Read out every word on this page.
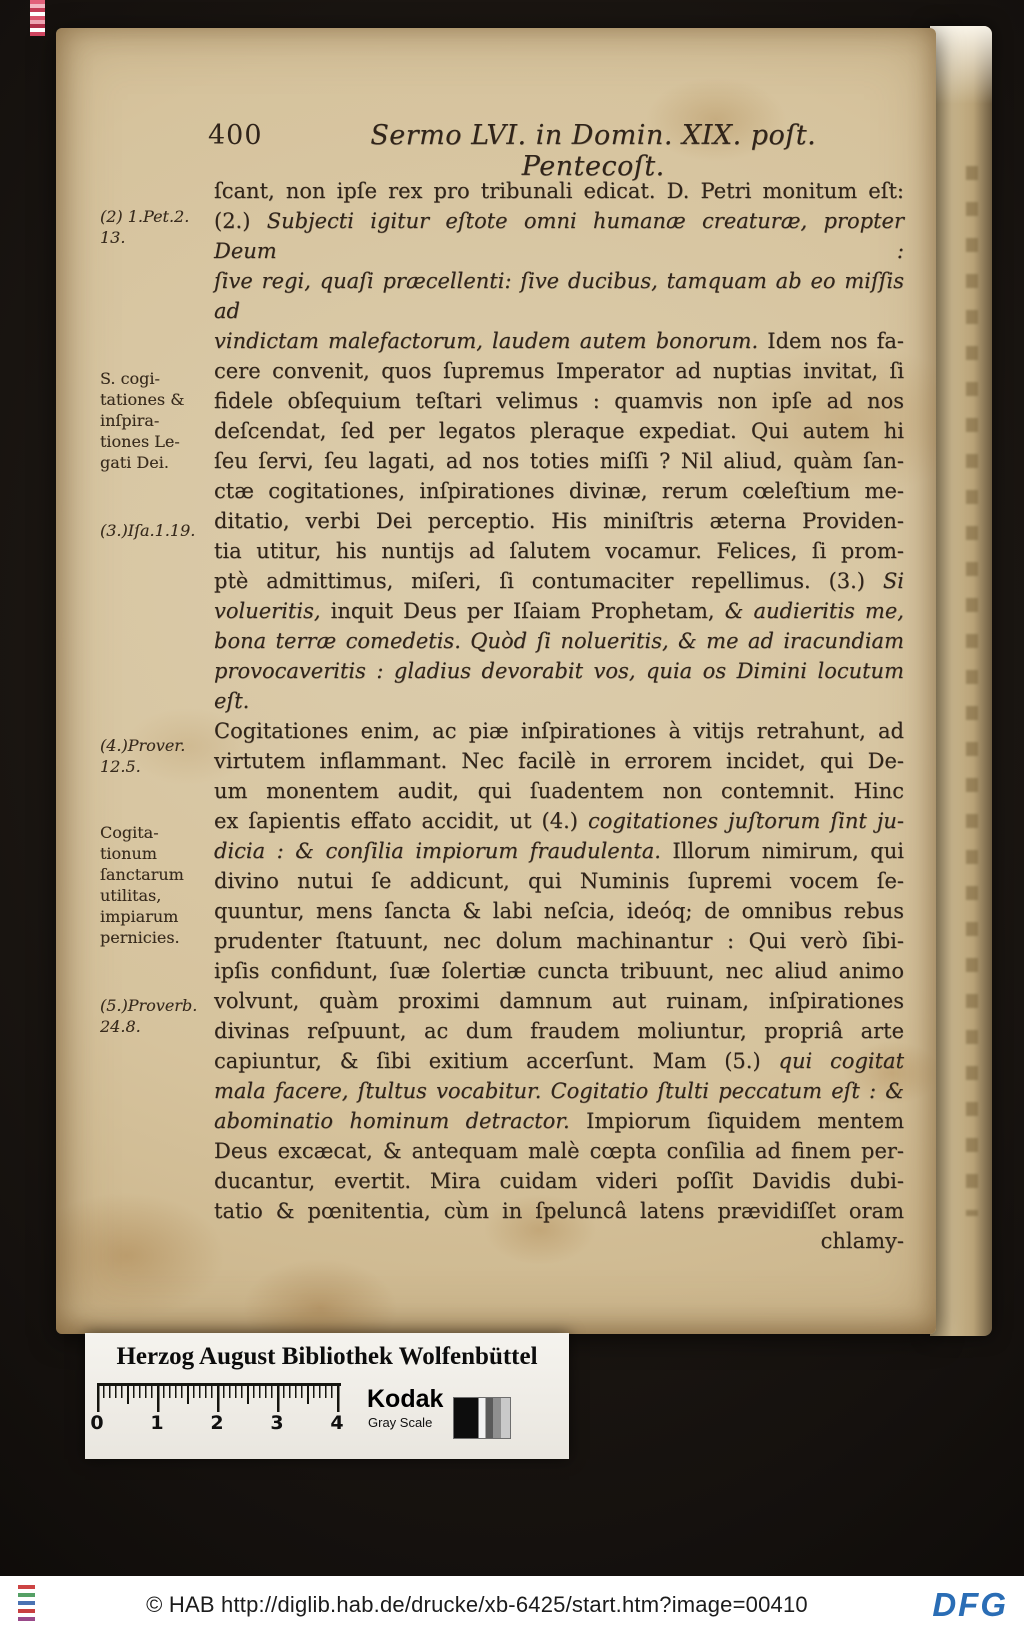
400	Sermo LVI. in Domin. XIX. poſt. Pentecoſt.
(2) 1.Pet.2.
13.
S. cogi-
tationes &
inſpira-
tiones Le-
gati Dei.
(3.)Iſa.1.19.
(4.)Prover.
12.5.
Cogita-
tionum
ſanctarum
utilitas,
impiarum
pernicies.
(5.)Proverb.
24.8.
ſcant, non ipſe rex pro tribunali edicat. D. Petri monitum eſt:
(2.) Subjecti igitur eſtote omni humanæ creaturæ, propter Deum :
ſive regi, quaſi præcellenti: ſive ducibus, tamquam ab eo miſſis ad
vindictam malefactorum, laudem autem bonorum. Idem nos fa-
cere convenit, quos ſupremus Imperator ad nuptias invitat, ſi
fidele obſequium teſtari velimus : quamvis non ipſe ad nos
deſcendat, ſed per legatos pleraque expediat. Qui autem hi
ſeu ſervi, ſeu lagati, ad nos toties miſſi ? Nil aliud, quàm ſan-
ctæ cogitationes, inſpirationes divinæ, rerum cœleſtium me-
ditatio, verbi Dei perceptio. His miniſtris æterna Providen-
tia utitur, his nuntijs ad ſalutem vocamur. Felices, ſi prom-
ptè admittimus, miſeri, ſi contumaciter repellimus. (3.) Si
volueritis, inquit Deus per Iſaiam Prophetam, & audieritis me,
bona terræ comedetis. Quòd ſi nolueritis, & me ad iracundiam
provocaveritis : gladius devorabit vos, quia os Dimini locutum eſt.
Cogitationes enim, ac piæ inſpirationes à vitijs retrahunt, ad
virtutem inflammant. Nec facilè in errorem incidet, qui De-
um monentem audit, qui ſuadentem non contemnit. Hinc
ex ſapientis effato accidit, ut (4.) cogitationes juſtorum ſint ju-
dicia : & conſilia impiorum fraudulenta. Illorum nimirum, qui
divino nutui ſe addicunt, qui Numinis ſupremi vocem ſe-
quuntur, mens ſancta & labi neſcia, ideóq; de omnibus rebus
prudenter ſtatuunt, nec dolum machinantur : Qui verò ſibi-
ipſis confidunt, ſuæ ſolertiæ cuncta tribuunt, nec aliud animo
volvunt, quàm proximi damnum aut ruinam, inſpirationes
divinas reſpuunt, ac dum fraudem moliuntur, propriâ arte
capiuntur, & ſibi exitium accerſunt. Mam (5.) qui cogitat
mala facere, ſtultus vocabitur. Cogitatio ſtulti peccatum eſt : &
abominatio hominum detractor. Impiorum ſiquidem mentem
Deus excæcat, & antequam malè cœpta conſilia ad finem per-
ducantur, evertit. Mira cuidam videri poſſit Davidis dubi-
tatio & pœnitentia, cùm in ſpeluncâ latens prævidiſſet oram
chlamy-
Herzog August Bibliothek Wolfenbüttel
0 1 2 3 4
Kodak
Gray Scale
© HAB http://diglib.hab.de/drucke/xb-6425/start.htm?image=00410	DFG
